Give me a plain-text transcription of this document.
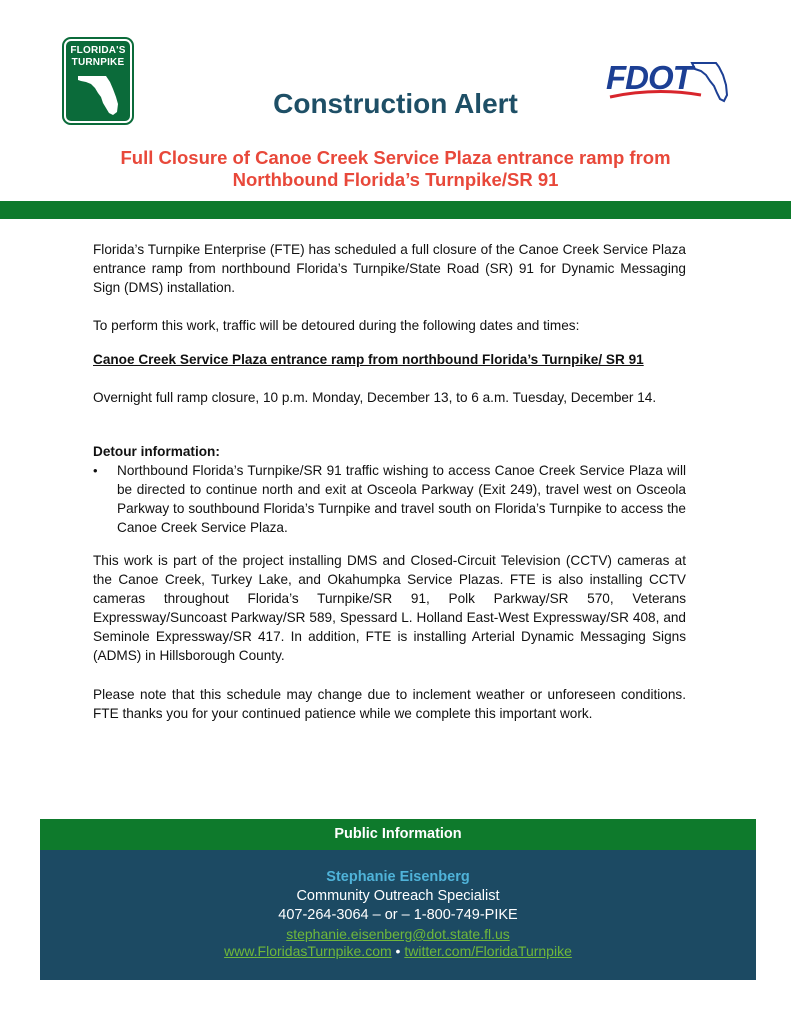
FLORIDA'S
TURNPIKE	FDOT
Construction Alert
Full Closure of Canoe Creek Service Plaza entrance ramp from
Northbound Florida’s Turnpike/SR 91
Florida’s Turnpike Enterprise (FTE) has scheduled a full closure of the Canoe Creek Service Plaza entrance ramp from northbound Florida’s Turnpike/State Road (SR) 91 for Dynamic Messaging Sign (DMS) installation.
To perform this work, traffic will be detoured during the following dates and times:
Canoe Creek Service Plaza entrance ramp from northbound Florida’s Turnpike/ SR 91
Overnight full ramp closure, 10 p.m. Monday, December 13, to 6 a.m. Tuesday, December 14.
Detour information:
• Northbound Florida’s Turnpike/SR 91 traffic wishing to access Canoe Creek Service Plaza will be directed to continue north and exit at Osceola Parkway (Exit 249), travel west on Osceola Parkway to southbound Florida’s Turnpike and travel south on Florida’s Turnpike to access the Canoe Creek Service Plaza.
This work is part of the project installing DMS and Closed-Circuit Television (CCTV) cameras at the Canoe Creek, Turkey Lake, and Okahumpka Service Plazas. FTE is also installing CCTV cameras throughout Florida’s Turnpike/SR 91, Polk Parkway/SR 570, Veterans Expressway/Suncoast Parkway/SR 589, Spessard L. Holland East-West Expressway/SR 408, and Seminole Expressway/SR 417. In addition, FTE is installing Arterial Dynamic Messaging Signs (ADMS) in Hillsborough County.
Please note that this schedule may change due to inclement weather or unforeseen conditions. FTE thanks you for your continued patience while we complete this important work.
Public Information
Stephanie Eisenberg
Community Outreach Specialist
407-264-3064 – or – 1-800-749-PIKE
stephanie.eisenberg@dot.state.fl.us
www.FloridasTurnpike.com • twitter.com/FloridaTurnpike
